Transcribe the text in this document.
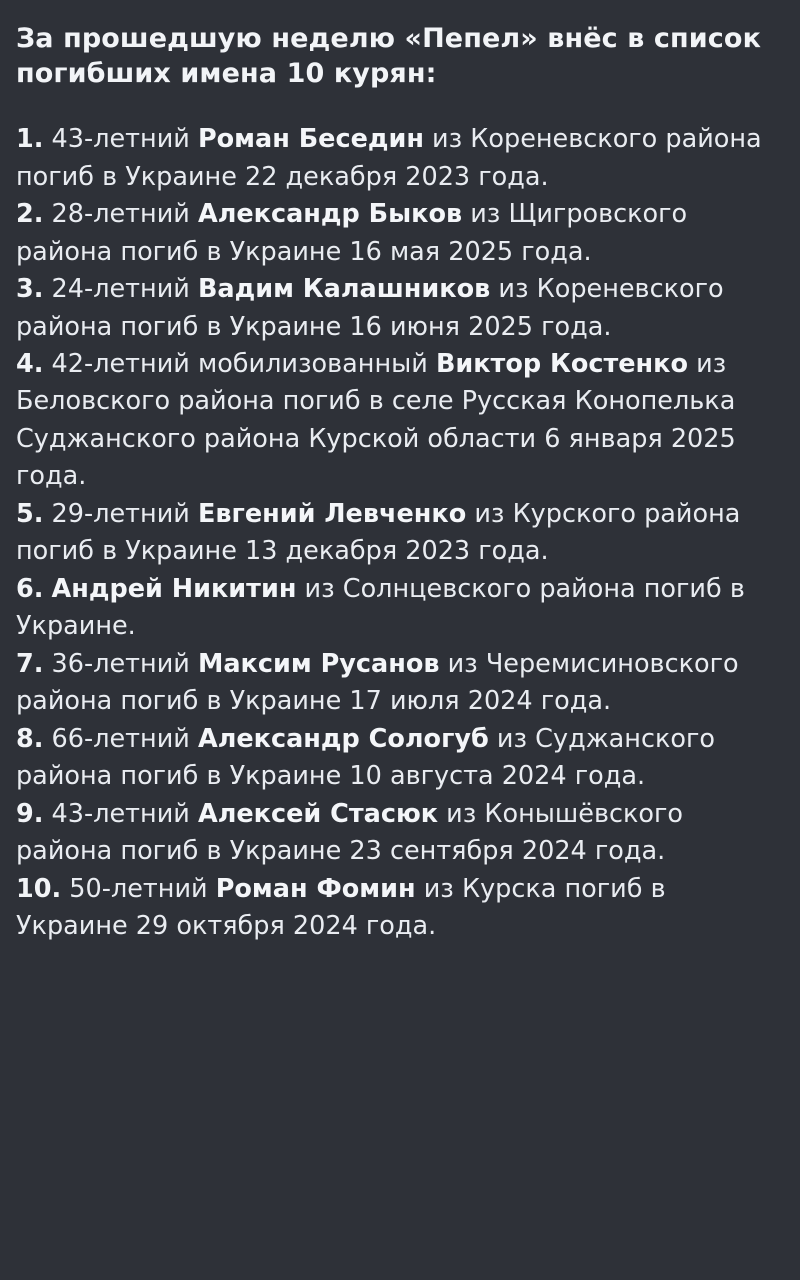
За прошедшую неделю «Пепел» внёс в список погибших имена 10 курян:
1. 43-летний Роман Беседин из Кореневского района погиб в Украине 22 декабря 2023 года.
2. 28-летний Александр Быков из Щигровского района погиб в Украине 16 мая 2025 года.
3. 24-летний Вадим Калашников из Кореневского района погиб в Украине 16 июня 2025 года.
4. 42-летний мобилизованный Виктор Костенко из Беловского района погиб в селе Русская Конопелька Суджанского района Курской области 6 января 2025 года.
5. 29-летний Евгений Левченко из Курского района погиб в Украине 13 декабря 2023 года.
6. Андрей Никитин из Солнцевского района погиб в Украине.
7. 36-летний Максим Русанов из Черемисиновского района погиб в Украине 17 июля 2024 года.
8. 66-летний Александр Сологуб из Суджанского района погиб в Украине 10 августа 2024 года.
9. 43-летний Алексей Стасюк из Конышёвского района погиб в Украине 23 сентября 2024 года.
10. 50-летний Роман Фомин из Курска погиб в Украине 29 октября 2024 года.
